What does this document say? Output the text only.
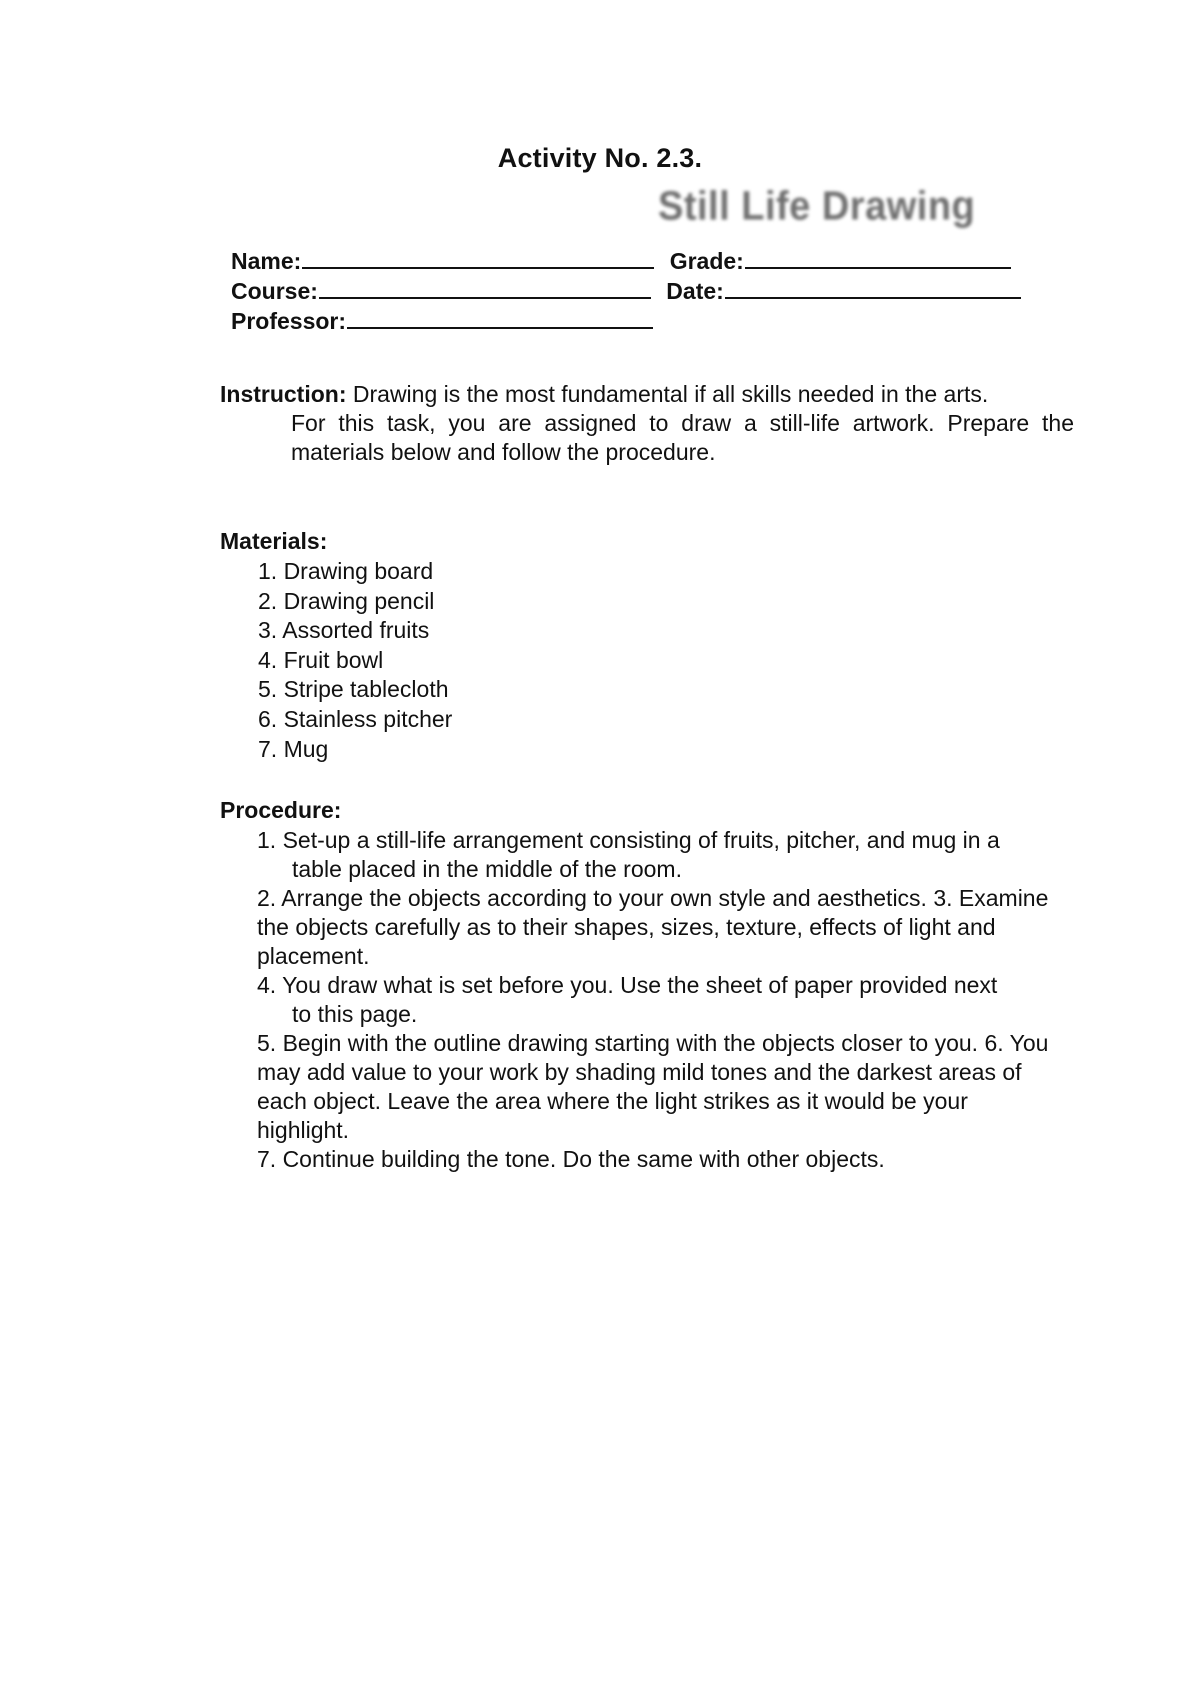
Activity No. 2.3.
Still Life Drawing
Name:	Grade:
Course:	Date:
Professor:
Instruction: Drawing is the most fundamental if all skills needed in the arts.
For this task, you are assigned to draw a still-life artwork. Prepare the materials below and follow the procedure.
Materials:
1. Drawing board
2. Drawing pencil
3. Assorted fruits
4. Fruit bowl
5. Stripe tablecloth
6. Stainless pitcher
7. Mug
Procedure:
1. Set-up a still-life arrangement consisting of fruits, pitcher, and mug in a
table placed in the middle of the room.
2. Arrange the objects according to your own style and aesthetics. 3. Examine the objects carefully as to their shapes, sizes, texture, effects of light and placement.
4. You draw what is set before you. Use the sheet of paper provided next
to this page.
5. Begin with the outline drawing starting with the objects closer to you. 6. You may add value to your work by shading mild tones and the darkest areas of each object. Leave the area where the light strikes as it would be your highlight.
7. Continue building the tone. Do the same with other objects.
